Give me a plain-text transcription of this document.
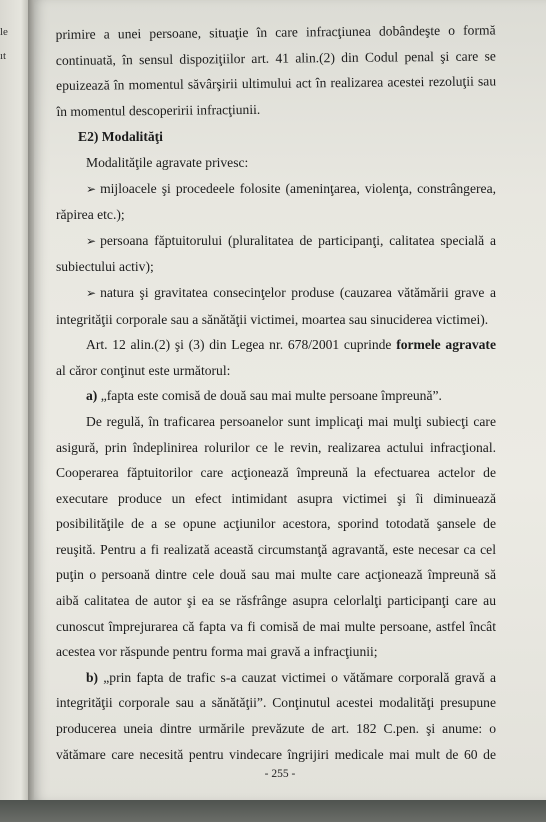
le
ıt

primire a unei persoane, situaţie în care infracţiunea dobândeşte o formă

continuată, în sensul dispoziţiilor art. 41 alin.(2) din Codul penal şi care se

epuizează în momentul săvârşirii ultimului act în realizarea acestei rezoluţii sau

în momentul descoperirii infracţiunii.

E2) Modalităţi

Modalităţile agravate privesc:

➢ mijloacele şi procedeele folosite (ameninţarea, violenţa, constrângerea,

răpirea etc.);

➢ persoana făptuitorului (pluralitatea de participanţi, calitatea specială a

subiectului activ);

➢ natura şi gravitatea consecinţelor produse (cauzarea vătămării grave a

integrităţii corporale sau a sănătăţii victimei, moartea sau sinuciderea victimei).

Art. 12 alin.(2) şi (3) din Legea nr. 678/2001 cuprinde formele agravate

al căror conţinut este următorul:

a) „fapta este comisă de două sau mai multe persoane împreună”.

De regulă, în traficarea persoanelor sunt implicaţi mai mulţi subiecţi care

asigură, prin îndeplinirea rolurilor ce le revin, realizarea actului infracţional.

Cooperarea făptuitorilor care acţionează împreună la efectuarea actelor de

executare produce un efect intimidant asupra victimei şi îi diminuează

posibilităţile de a se opune acţiunilor acestora, sporind totodată şansele de

reuşită. Pentru a fi realizată această circumstanţă agravantă, este necesar ca cel

puţin o persoană dintre cele două sau mai multe care acţionează împreună să

aibă calitatea de autor şi ea se răsfrânge asupra celorlalţi participanţi care au

cunoscut împrejurarea că fapta va fi comisă de mai multe persoane, astfel încât

acestea vor răspunde pentru forma mai gravă a infracţiunii;

b) „prin fapta de trafic s-a cauzat victimei o vătămare corporală gravă a

integrităţii corporale sau a sănătăţii”. Conţinutul acestei modalităţi presupune

producerea uneia dintre urmările prevăzute de art. 182 C.pen. şi anume: o

vătămare care necesită pentru vindecare îngrijiri medicale mai mult de 60 de

- 255 -
